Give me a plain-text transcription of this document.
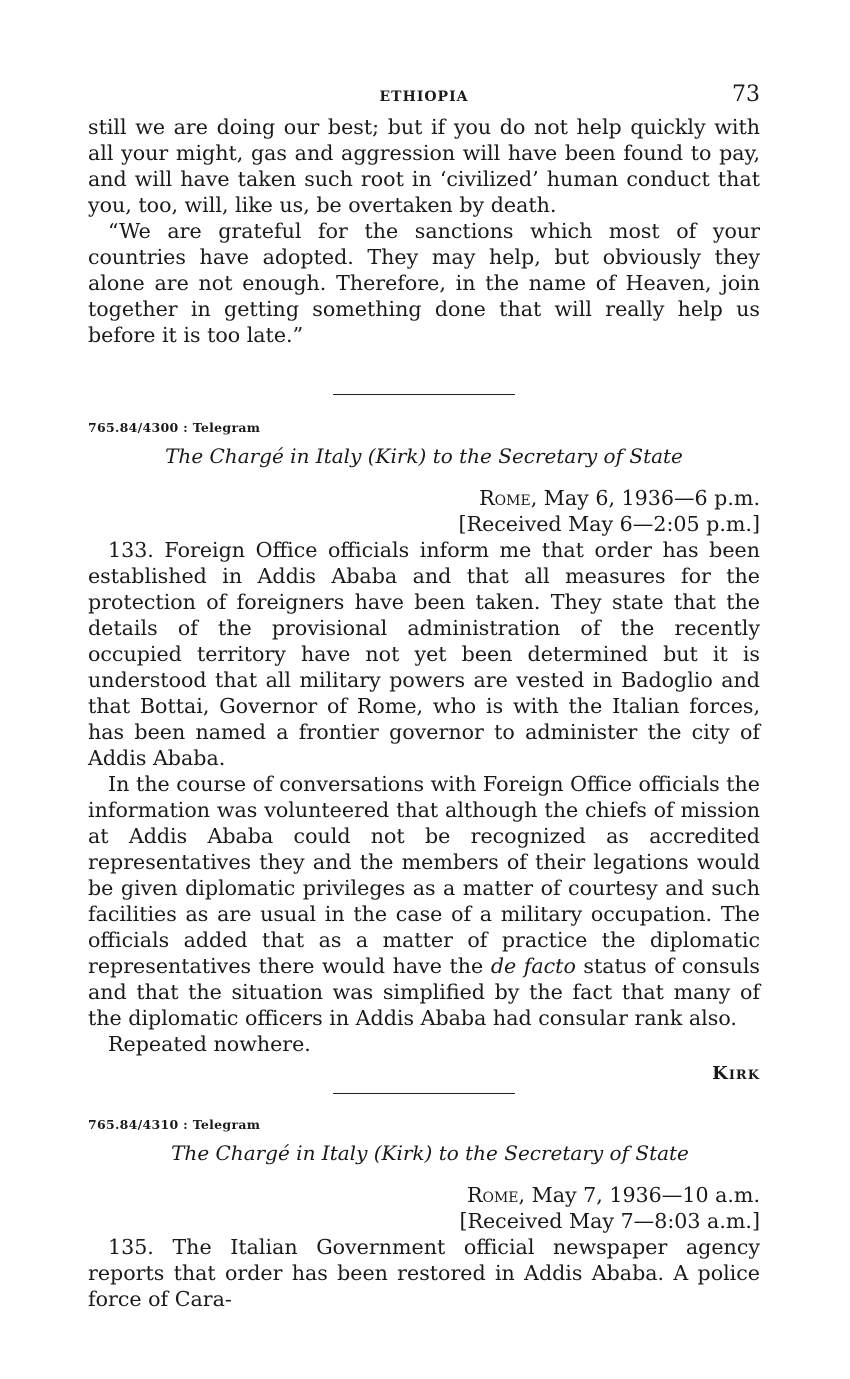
ETHIOPIA	73

still we are doing our best; but if you do not help quickly with all your might, gas and aggression will have been found to pay, and will have taken such root in ‘civilized’ human conduct that you, too, will, like us, be overtaken by death.

“We are grateful for the sanctions which most of your countries have adopted. They may help, but obviously they alone are not enough. Therefore, in the name of Heaven, join together in getting something done that will really help us before it is too late.”

765.84/4300 : Telegram
The Chargé in Italy (Kirk) to the Secretary of State
Rome, May 6, 1936—6 p.m.
[Received May 6—2:05 p.m.]

133. Foreign Office officials inform me that order has been established in Addis Ababa and that all measures for the protection of foreigners have been taken. They state that the details of the provisional administration of the recently occupied territory have not yet been determined but it is understood that all military powers are vested in Badoglio and that Bottai, Governor of Rome, who is with the Italian forces, has been named a frontier governor to administer the city of Addis Ababa.

In the course of conversations with Foreign Office officials the information was volunteered that although the chiefs of mission at Addis Ababa could not be recognized as accredited representatives they and the members of their legations would be given diplomatic privileges as a matter of courtesy and such facilities as are usual in the case of a military occupation. The officials added that as a matter of practice the diplomatic representatives there would have the de facto status of consuls and that the situation was simplified by the fact that many of the diplomatic officers in Addis Ababa had consular rank also.

Repeated nowhere.

Kirk
765.84/4310 : Telegram
The Chargé in Italy (Kirk) to the Secretary of State
Rome, May 7, 1936—10 a.m.
[Received May 7—8:03 a.m.]

135. The Italian Government official newspaper agency reports that order has been restored in Addis Ababa. A police force of Cara-
